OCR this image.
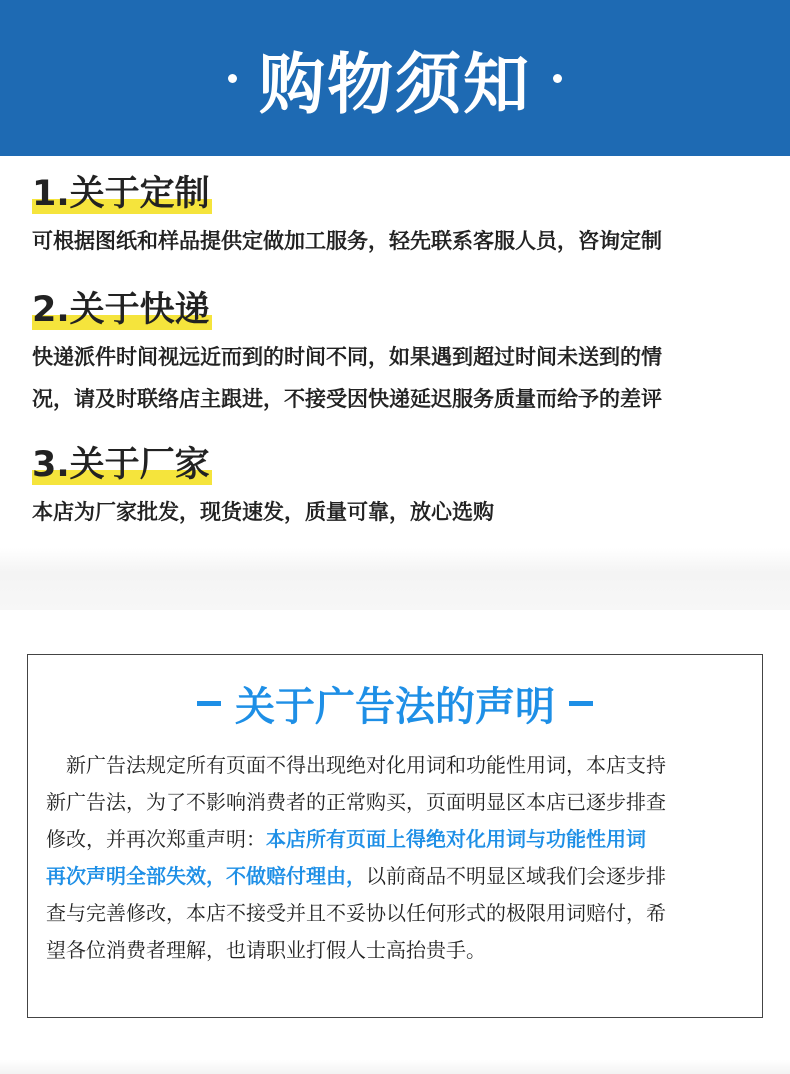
购物须知
1.关于定制
可根据图纸和样品提供定做加工服务，轻先联系客服人员，咨询定制
2.关于快递
快递派件时间视远近而到的时间不同，如果遇到超过时间未送到的情
况，请及时联络店主跟进，不接受因快递延迟服务质量而给予的差评
3.关于厂家
本店为厂家批发，现货速发，质量可靠，放心选购
关于广告法的声明
新广告法规定所有页面不得出现绝对化用词和功能性用词，本店支持
新广告法，为了不影响消费者的正常购买，页面明显区本店已逐步排查
修改，并再次郑重声明：本店所有页面上得绝对化用词与功能性用词
再次声明全部失效，不做赔付理由，以前商品不明显区域我们会逐步排
查与完善修改，本店不接受并且不妥协以任何形式的极限用词赔付，希
望各位消费者理解，也请职业打假人士高抬贵手。
